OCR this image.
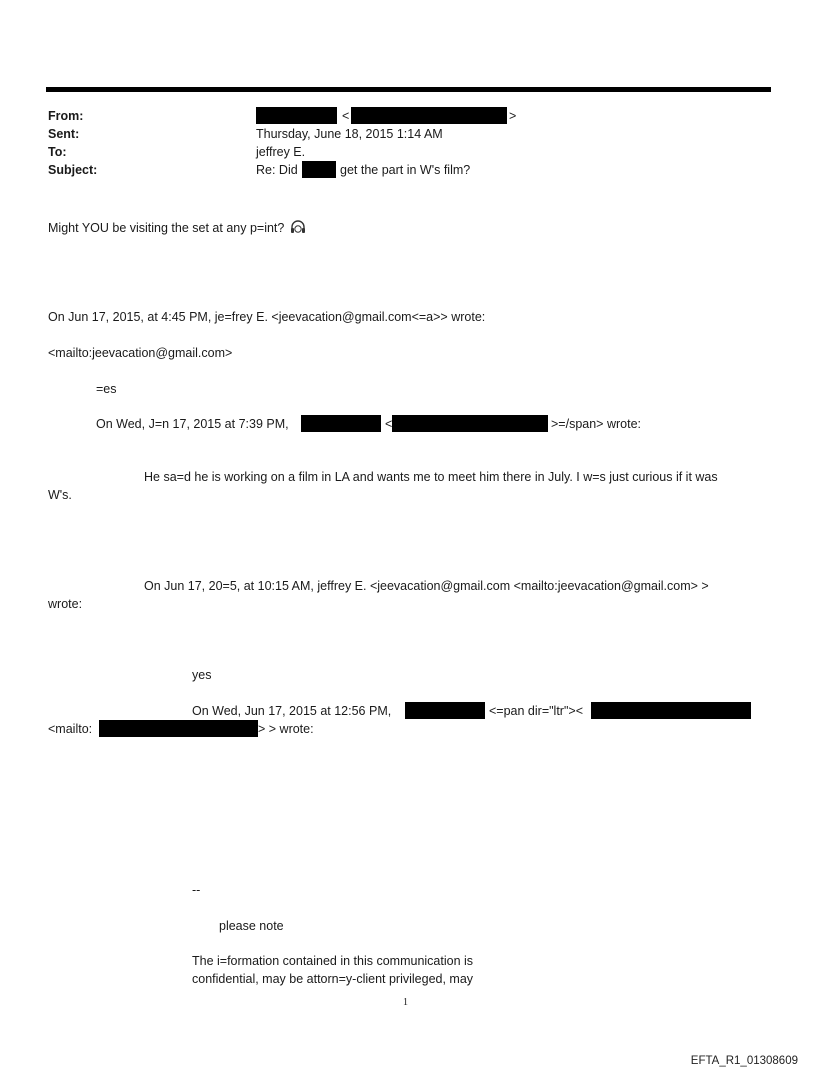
From:	<	>
Sent:	Thursday, June 18, 2015 1:14 AM
To:	jeffrey E.
Subject:	Re: Did	get the part in W's film?
Might YOU be visiting the set at any p=int?
On Jun 17, 2015, at 4:45 PM, je=frey E. <jeevacation@gmail.com<=a>> wrote:
<mailto:jeevacation@gmail.com>
=es
On Wed, J=n 17, 2015 at 7:39 PM,	<	>=/span> wrote:
He sa=d he is working on a film in LA and wants me to meet him there in July. I w=s just curious if it was
W's.
On Jun 17, 20=5, at 10:15 AM, jeffrey E. <jeevacation@gmail.com <mailto:jeevacation@gmail.com> >
wrote:
yes
On Wed, Jun 17, 2015 at 12:56 PM,	<=pan dir="ltr"><
<mailto:	> > wrote:
--
please note
The i=formation contained in this communication is
confidential, may be attorn=y-client privileged, may
1
EFTA_R1_01308609
